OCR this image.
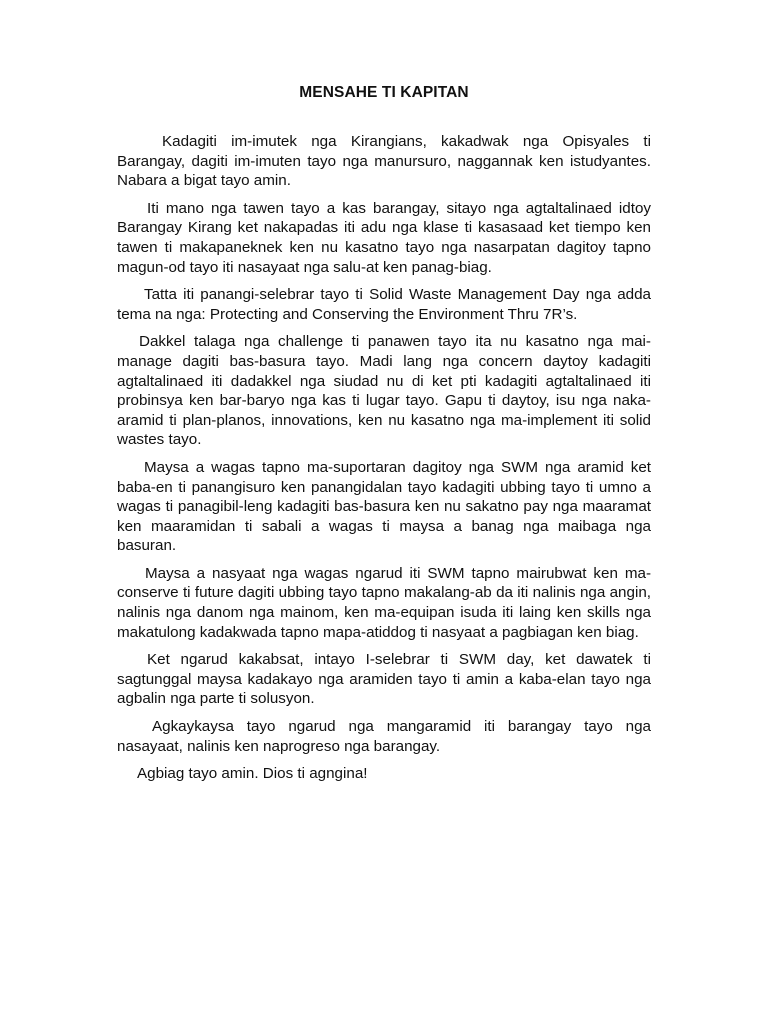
MENSAHE TI KAPITAN

Kadagiti im-imutek nga Kirangians, kakadwak nga Opisyales ti Barangay, dagiti im-imuten tayo nga manursuro, naggannak ken istudyantes. Nabara a bigat tayo amin.

Iti mano nga tawen tayo a kas barangay, sitayo nga agtaltalinaed idtoy Barangay Kirang ket nakapadas iti adu nga klase ti kasasaad ket tiempo ken tawen ti makapaneknek ken nu kasatno tayo nga nasarpatan dagitoy tapno magun-od tayo iti nasayaat nga salu-at ken panag-biag.

Tatta iti panangi-selebrar tayo ti Solid Waste Management Day nga adda tema na nga: Protecting and Conserving the Environment Thru 7R’s.

Dakkel talaga nga challenge ti panawen tayo ita nu kasatno nga mai-manage dagiti bas-basura tayo. Madi lang nga concern daytoy kadagiti agtaltalinaed iti dadakkel nga siudad nu di ket pti kadagiti agtaltalinaed iti probinsya ken bar-baryo nga kas ti lugar tayo. Gapu ti daytoy, isu nga naka-aramid ti plan-planos, innovations, ken nu kasatno nga ma-implement iti solid wastes tayo.

Maysa a wagas tapno ma-suportaran dagitoy nga SWM nga aramid ket baba-en ti panangisuro ken panangidalan tayo kadagiti ubbing tayo ti umno a wagas ti panagibil-leng kadagiti bas-basura ken nu sakatno pay nga maaramat ken maaramidan ti sabali a wagas ti maysa a banag nga maibaga nga basuran.

Maysa a nasyaat nga wagas ngarud iti SWM tapno mairubwat ken ma-conserve ti future dagiti ubbing tayo tapno makalang-ab da iti nalinis nga angin, nalinis nga danom nga mainom, ken ma-equipan isuda iti laing ken skills nga makatulong kadakwada tapno mapa-atiddog ti nasyaat a pagbiagan ken biag.

Ket ngarud kakabsat, intayo I-selebrar ti SWM day, ket dawatek ti sagtunggal maysa kadakayo nga aramiden tayo ti amin a kaba-elan tayo nga agbalin nga parte ti solusyon.

Agkaykaysa tayo ngarud nga mangaramid iti barangay tayo nga nasayaat, nalinis ken naprogreso nga barangay.

Agbiag tayo amin. Dios ti agngina!
